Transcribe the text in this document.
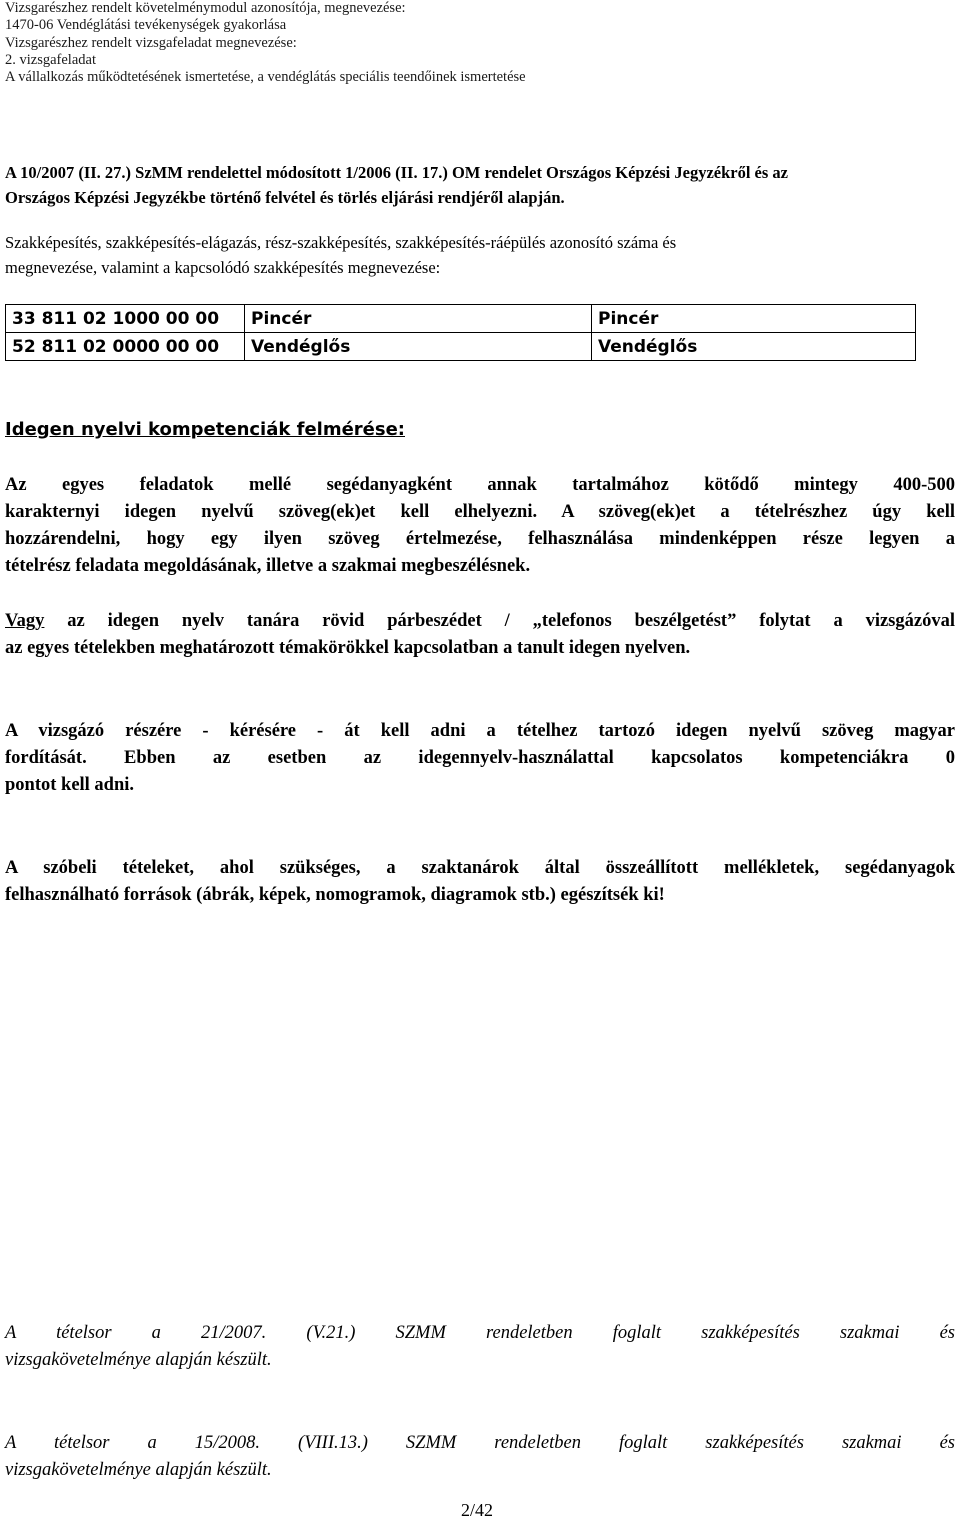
Vizsgarészhez rendelt követelménymodul azonosítója, megnevezése:
1470-06 Vendéglátási tevékenységek gyakorlása
Vizsgarészhez rendelt vizsgafeladat megnevezése:
2. vizsgafeladat
A vállalkozás működtetésének ismertetése, a vendéglátás speciális teendőinek ismertetése
A 10/2007 (II. 27.) SzMM rendelettel módosított 1/2006 (II. 17.) OM rendelet Országos Képzési Jegyzékről és az
Országos Képzési Jegyzékbe történő felvétel és törlés eljárási rendjéről alapján.
Szakképesítés, szakképesítés-elágazás, rész-szakképesítés, szakképesítés-ráépülés azonosító száma és
megnevezése, valamint a kapcsolódó szakképesítés megnevezése:
33 811 02 1000 00 00	Pincér	Pincér
52 811 02 0000 00 00	Vendéglős	Vendéglős
Idegen nyelvi kompetenciák felmérése:
Az egyes feladatok mellé segédanyagként annak tartalmához kötődő mintegy 400-500
karakternyi idegen nyelvű szöveg(ek)et kell elhelyezni. A szöveg(ek)et a tételrészhez úgy kell
hozzárendelni, hogy egy ilyen szöveg értelmezése, felhasználása mindenképpen része legyen a
tételrész feladata megoldásának, illetve a szakmai megbeszélésnek.
Vagy az idegen nyelv tanára rövid párbeszédet / „telefonos beszélgetést” folytat a vizsgázóval
az egyes tételekben meghatározott témakörökkel kapcsolatban a tanult idegen nyelven.
A vizsgázó részére - kérésére - át kell adni a tételhez tartozó idegen nyelvű szöveg magyar
fordítását. Ebben az esetben az idegennyelv-használattal kapcsolatos kompetenciákra 0
pontot kell adni.
A szóbeli tételeket, ahol szükséges, a szaktanárok által összeállított mellékletek, segédanyagok
felhasználható források (ábrák, képek, nomogramok, diagramok stb.) egészítsék ki!
A tételsor a 21/2007. (V.21.) SZMM rendeletben foglalt szakképesítés szakmai és
vizsgakövetelménye alapján készült.
A tételsor a 15/2008. (VIII.13.) SZMM rendeletben foglalt szakképesítés szakmai és
vizsgakövetelménye alapján készült.
2/42
